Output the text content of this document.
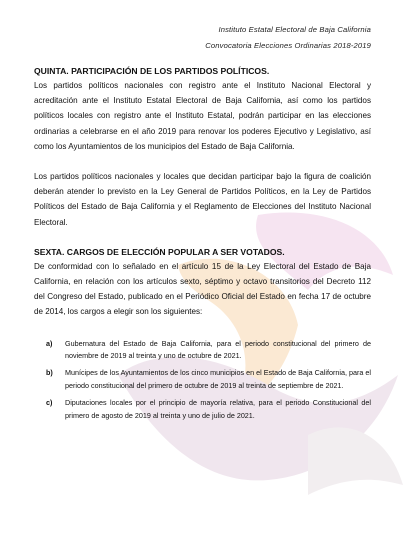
Instituto Estatal Electoral de Baja California
Convocatoria Elecciones Ordinarias 2018-2019

QUINTA. PARTICIPACIÓN DE LOS PARTIDOS POLÍTICOS.

Los partidos políticos nacionales con registro ante el Instituto Nacional Electoral y acreditación ante el Instituto Estatal Electoral de Baja California, así como los partidos políticos locales con registro ante el Instituto Estatal, podrán participar en las elecciones ordinarias a celebrarse en el año 2019 para renovar los poderes Ejecutivo y Legislativo, así como los Ayuntamientos de los municipios del Estado de Baja California.

Los partidos políticos nacionales y locales que decidan participar bajo la figura de coalición deberán atender lo previsto en la Ley General de Partidos Políticos, en la Ley de Partidos Políticos del Estado de Baja California y el Reglamento de Elecciones del Instituto Nacional Electoral.

SEXTA. CARGOS DE ELECCIÓN POPULAR A SER VOTADOS.

De conformidad con lo señalado en el artículo 15 de la Ley Electoral del Estado de Baja California, en relación con los artículos sexto, séptimo y octavo transitorios del Decreto 112 del Congreso del Estado, publicado en el Periódico Oficial del Estado en fecha 17 de octubre de 2014, los cargos a elegir son los siguientes:

a)	Gubernatura del Estado de Baja California, para el periodo constitucional del primero de noviembre de 2019 al treinta y uno de octubre de 2021.
b)	Munícipes de los Ayuntamientos de los cinco municipios en el Estado de Baja California, para el periodo constitucional del primero de octubre de 2019 al treinta de septiembre de 2021.
c)	Diputaciones locales por el principio de mayoría relativa, para el periodo Constitucional del primero de agosto de 2019 al treinta y uno de julio de 2021.
